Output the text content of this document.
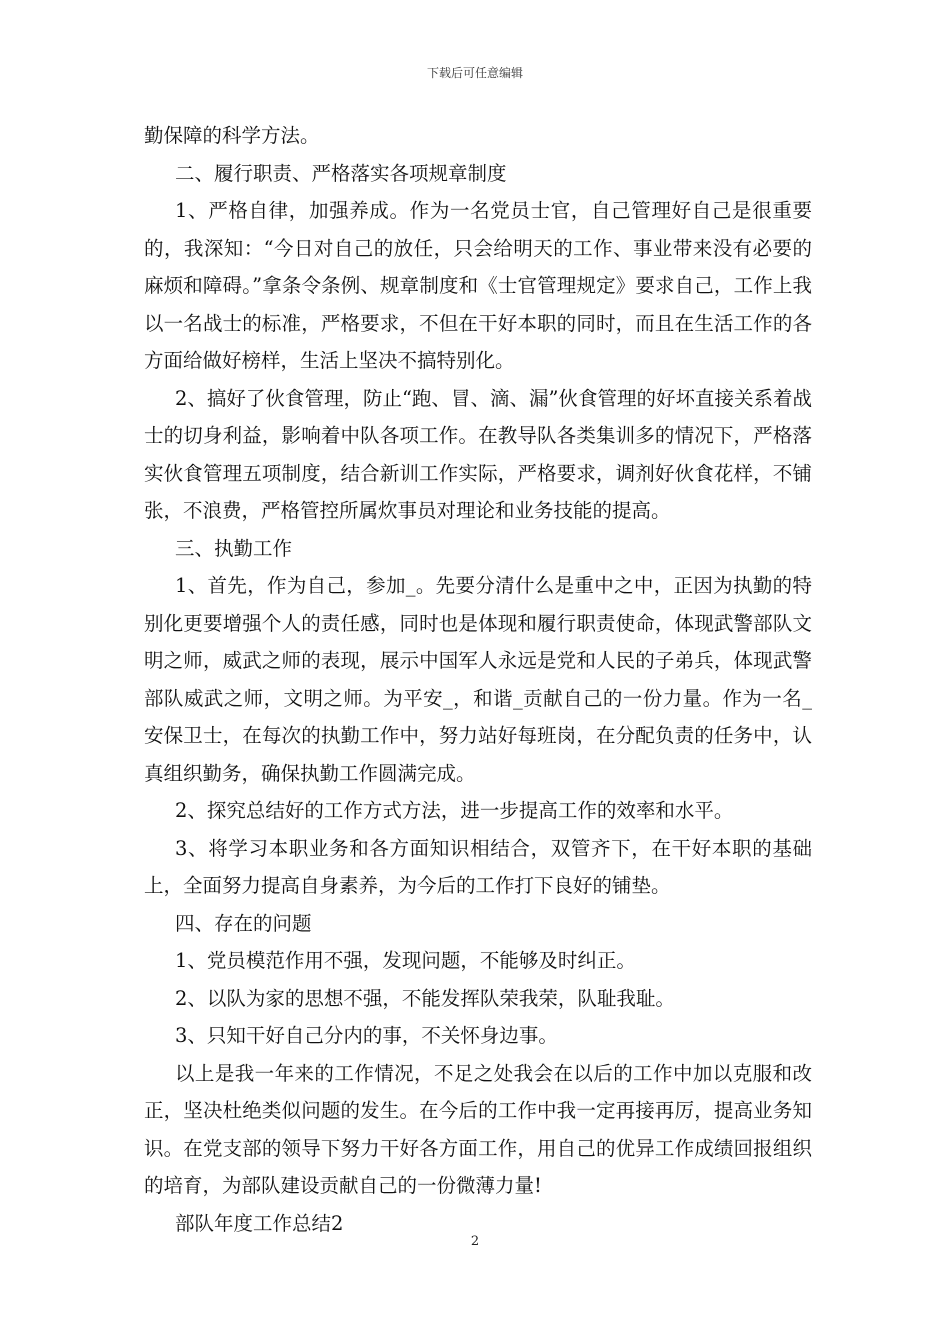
下载后可任意编辑

勤保障的科学方法。

二、履行职责、严格落实各项规章制度

1、严格自律，加强养成。作为一名党员士官，自己管理好自己是很重要的，我深知：“今日对自己的放任，只会给明天的工作、事业带来没有必要的麻烦和障碍。”拿条令条例、规章制度和《士官管理规定》要求自己，工作上我以一名战士的标准，严格要求，不但在干好本职的同时，而且在生活工作的各方面给做好榜样，生活上坚决不搞特别化。

2、搞好了伙食管理，防止“跑、冒、滴、漏”伙食管理的好坏直接关系着战士的切身利益，影响着中队各项工作。在教导队各类集训多的情况下，严格落实伙食管理五项制度，结合新训工作实际，严格要求，调剂好伙食花样，不铺张，不浪费，严格管控所属炊事员对理论和业务技能的提高。

三、执勤工作

1、首先，作为自己，参加_。先要分清什么是重中之中，正因为执勤的特别化更要增强个人的责任感，同时也是体现和履行职责使命，体现武警部队文明之师，威武之师的表现，展示中国军人永远是党和人民的子弟兵，体现武警部队威武之师，文明之师。为平安_，和谐_贡献自己的一份力量。作为一名_安保卫士，在每次的执勤工作中，努力站好每班岗，在分配负责的任务中，认真组织勤务，确保执勤工作圆满完成。

2、探究总结好的工作方式方法，进一步提高工作的效率和水平。

3、将学习本职业务和各方面知识相结合，双管齐下，在干好本职的基础上，全面努力提高自身素养，为今后的工作打下良好的铺垫。

四、存在的问题

1、党员模范作用不强，发现问题，不能够及时纠正。

2、以队为家的思想不强，不能发挥队荣我荣，队耻我耻。

3、只知干好自己分内的事，不关怀身边事。

以上是我一年来的工作情况，不足之处我会在以后的工作中加以克服和改正，坚决杜绝类似问题的发生。在今后的工作中我一定再接再厉，提高业务知识。在党支部的领导下努力干好各方面工作，用自己的优异工作成绩回报组织的培育，为部队建设贡献自己的一份微薄力量!

部队年度工作总结2

2
